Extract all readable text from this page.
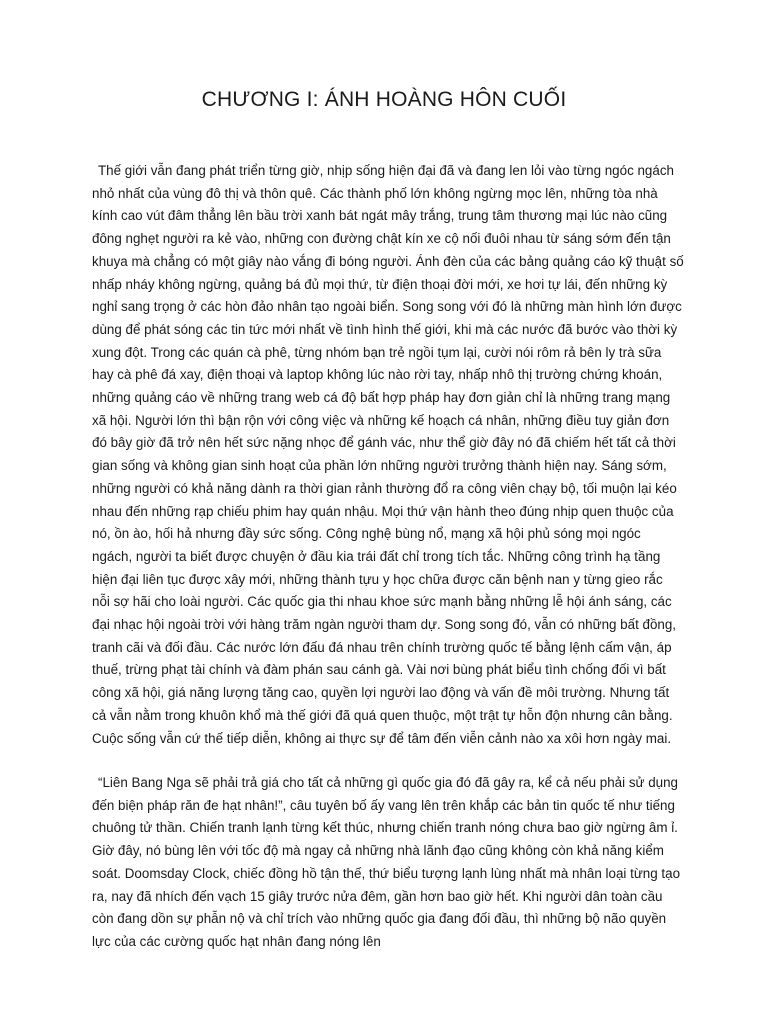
CHƯƠNG I: ÁNH HOÀNG HÔN CUỐI

Thế giới vẫn đang phát triển từng giờ, nhịp sống hiện đại đã và đang len lỏi vào từng ngóc ngách nhỏ nhất của vùng đô thị và thôn quê. Các thành phố lớn không ngừng mọc lên, những tòa nhà kính cao vút đâm thẳng lên bầu trời xanh bát ngát mây trắng, trung tâm thương mại lúc nào cũng đông nghẹt người ra kẻ vào, những con đường chật kín xe cộ nối đuôi nhau từ sáng sớm đến tận khuya mà chẳng có một giây nào vắng đi bóng người. Ánh đèn của các bảng quảng cáo kỹ thuật số nhấp nháy không ngừng, quảng bá đủ mọi thứ, từ điện thoại đời mới, xe hơi tự lái, đến những kỳ nghỉ sang trọng ở các hòn đảo nhân tạo ngoài biển. Song song với đó là những màn hình lớn được dùng để phát sóng các tin tức mới nhất về tình hình thế giới, khi mà các nước đã bước vào thời kỳ xung đột. Trong các quán cà phê, từng nhóm bạn trẻ ngồi tụm lại, cười nói rôm rả bên ly trà sữa hay cà phê đá xay, điện thoại và laptop không lúc nào rời tay, nhấp nhô thị trường chứng khoán, những quảng cáo về những trang web cá độ bất hợp pháp hay đơn giản chỉ là những trang mạng xã hội. Người lớn thì bận rộn với công việc và những kế hoạch cá nhân, những điều tuy giản đơn đó bây giờ đã trở nên hết sức nặng nhọc để gánh vác, như thể giờ đây nó đã chiếm hết tất cả thời gian sống và không gian sinh hoạt của phần lớn những người trưởng thành hiện nay. Sáng sớm, những người có khả năng dành ra thời gian rảnh thường đổ ra công viên chạy bộ, tối muộn lại kéo nhau đến những rạp chiếu phim hay quán nhậu. Mọi thứ vận hành theo đúng nhịp quen thuộc của nó, ồn ào, hối hả nhưng đầy sức sống. Công nghệ bùng nổ, mạng xã hội phủ sóng mọi ngóc ngách, người ta biết được chuyện ở đầu kia trái đất chỉ trong tích tắc. Những công trình hạ tầng hiện đại liên tục được xây mới, những thành tựu y học chữa được căn bệnh nan y từng gieo rắc nỗi sợ hãi cho loài người. Các quốc gia thi nhau khoe sức mạnh bằng những lễ hội ánh sáng, các đại nhạc hội ngoài trời với hàng trăm ngàn người tham dự. Song song đó, vẫn có những bất đồng, tranh cãi và đối đầu. Các nước lớn đấu đá nhau trên chính trường quốc tế bằng lệnh cấm vận, áp thuế, trừng phạt tài chính và đàm phán sau cánh gà. Vài nơi bùng phát biểu tình chống đối vì bất công xã hội, giá năng lượng tăng cao, quyền lợi người lao động và vấn đề môi trường. Nhưng tất cả vẫn nằm trong khuôn khổ mà thế giới đã quá quen thuộc, một trật tự hỗn độn nhưng cân bằng. Cuộc sống vẫn cứ thế tiếp diễn, không ai thực sự để tâm đến viễn cảnh nào xa xôi hơn ngày mai.

“Liên Bang Nga sẽ phải trả giá cho tất cả những gì quốc gia đó đã gây ra, kể cả nếu phải sử dụng đến biện pháp răn đe hạt nhân!”, câu tuyên bố ấy vang lên trên khắp các bản tin quốc tế như tiếng chuông tử thần. Chiến tranh lạnh từng kết thúc, nhưng chiến tranh nóng chưa bao giờ ngừng âm ỉ. Giờ đây, nó bùng lên với tốc độ mà ngay cả những nhà lãnh đạo cũng không còn khả năng kiểm soát. Doomsday Clock, chiếc đồng hồ tận thế, thứ biểu tượng lạnh lùng nhất mà nhân loại từng tạo ra, nay đã nhích đến vạch 15 giây trước nửa đêm, gần hơn bao giờ hết. Khi người dân toàn cầu còn đang dồn sự phẫn nộ và chỉ trích vào những quốc gia đang đối đầu, thì những bộ não quyền lực của các cường quốc hạt nhân đang nóng lên
